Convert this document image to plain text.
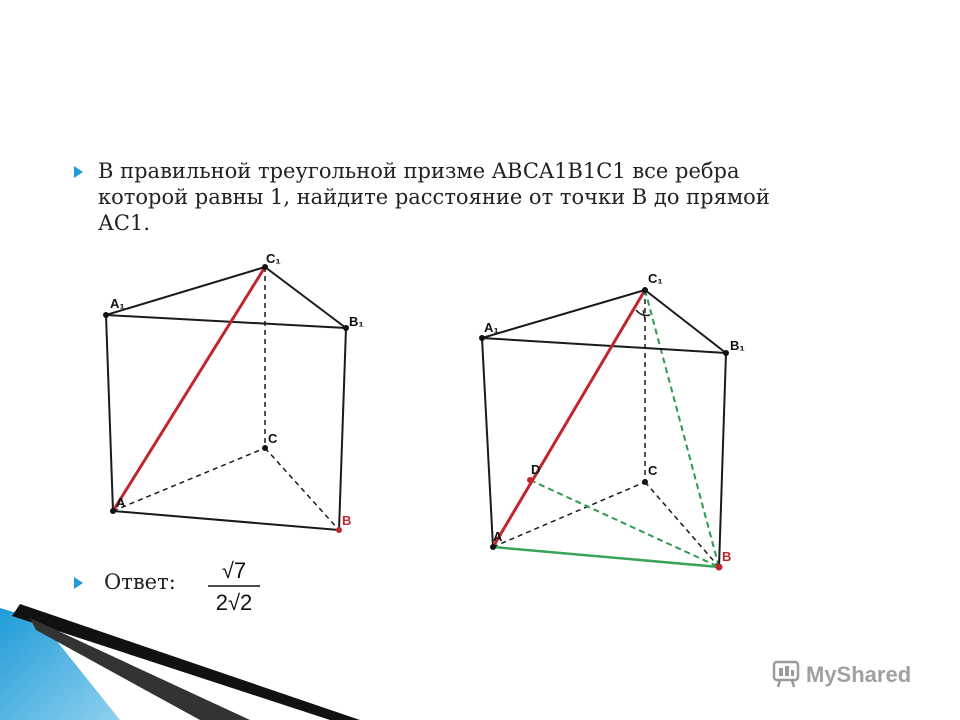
В правильной треугольной призме ABCA1B1C1 все ребра которой равны 1, найдите расстояние от точки В до прямой АС1.
A₁
C₁
B₁
C
A
B
A₁
C₁
B₁
C
D
A
B
Ответ: √7
2√2
MyShared
